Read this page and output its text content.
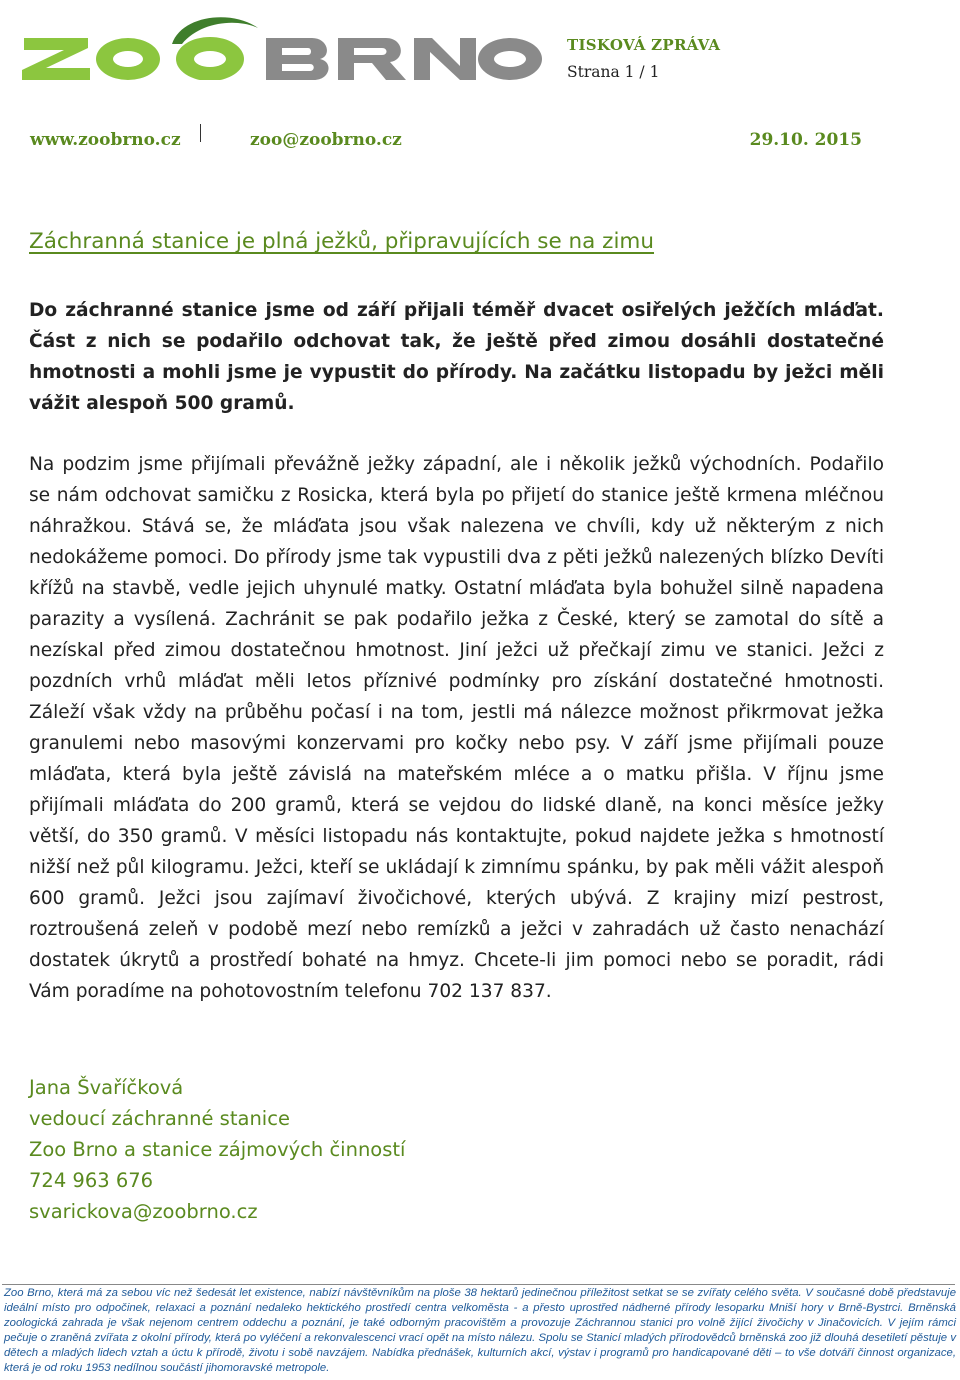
TISKOVÁ ZPRÁVA
Strana 1 / 1
www.zoobrno.cz	zoo@zoobrno.cz	29.10. 2015
Záchranná stanice je plná ježků, připravujících se na zimu

Do záchranné stanice jsme od září přijali téměř dvacet osiřelých ježčích mláďat. Část z nich se podařilo odchovat tak, že ještě před zimou dosáhli dostatečné hmotnosti a mohli jsme je vypustit do přírody. Na začátku listopadu by ježci měli vážit alespoň 500 gramů.

Na podzim jsme přijímali převážně ježky západní, ale i několik ježků východních. Podařilo se nám odchovat samičku z Rosicka, která byla po přijetí do stanice ještě krmena mléčnou náhražkou. Stává se, že mláďata jsou však nalezena ve chvíli, kdy už některým z nich nedokážeme pomoci. Do přírody jsme tak vypustili dva z pěti ježků nalezených blízko Devíti křížů na stavbě, vedle jejich uhynulé matky. Ostatní mláďata byla bohužel silně napadena parazity a vysílená. Zachránit se pak podařilo ježka z České, který se zamotal do sítě a nezískal před zimou dostatečnou hmotnost. Jiní ježci už přečkají zimu ve stanici. Ježci z pozdních vrhů mláďat měli letos příznivé podmínky pro získání dostatečné hmotnosti. Záleží však vždy na průběhu počasí i na tom, jestli má nálezce možnost přikrmovat ježka granulemi nebo masovými konzervami pro kočky nebo psy. V září jsme přijímali pouze mláďata, která byla ještě závislá na mateřském mléce a o matku přišla. V říjnu jsme přijímali mláďata do 200 gramů, která se vejdou do lidské dlaně, na konci měsíce ježky větší, do 350 gramů. V měsíci listopadu nás kontaktujte, pokud najdete ježka s hmotností nižší než půl kilogramu. Ježci, kteří se ukládají k zimnímu spánku, by pak měli vážit alespoň 600 gramů. Ježci jsou zajímaví živočichové, kterých ubývá. Z krajiny mizí pestrost, roztroušená zeleň v podobě mezí nebo remízků a ježci v zahradách už často nenachází dostatek úkrytů a prostředí bohaté na hmyz. Chcete-li jim pomoci nebo se poradit, rádi Vám poradíme na pohotovostním telefonu 702 137 837.

Jana Švaříčková
vedoucí záchranné stanice
Zoo Brno a stanice zájmových činností
724 963 676
svarickova@zoobrno.cz

Zoo Brno, která má za sebou víc než šedesát let existence, nabízí návštěvníkům na ploše 38 hektarů jedinečnou příležitost setkat se se zvířaty celého světa. V současné době představuje ideální místo pro odpočinek, relaxaci a poznání nedaleko hektického prostředí centra velkoměsta - a přesto uprostřed nádherné přírody lesoparku Mniší hory v Brně-Bystrci. Brněnská zoologická zahrada je však nejenom centrem oddechu a poznání, je také odborným pracovištěm a provozuje Záchrannou stanici pro volně žijící živočichy v Jinačovicích. V jejím rámci pečuje o zraněná zvířata z okolní přírody, která po vyléčení a rekonvalescenci vrací opět na místo nálezu. Spolu se Stanicí mladých přírodovědců brněnská zoo již dlouhá desetiletí pěstuje v dětech a mladých lidech vztah a úctu k přírodě, životu i sobě navzájem. Nabídka přednášek, kulturních akcí, výstav i programů pro handicapované děti – to vše dotváří činnost organizace, která je od roku 1953 nedílnou součástí jihomoravské metropole.
